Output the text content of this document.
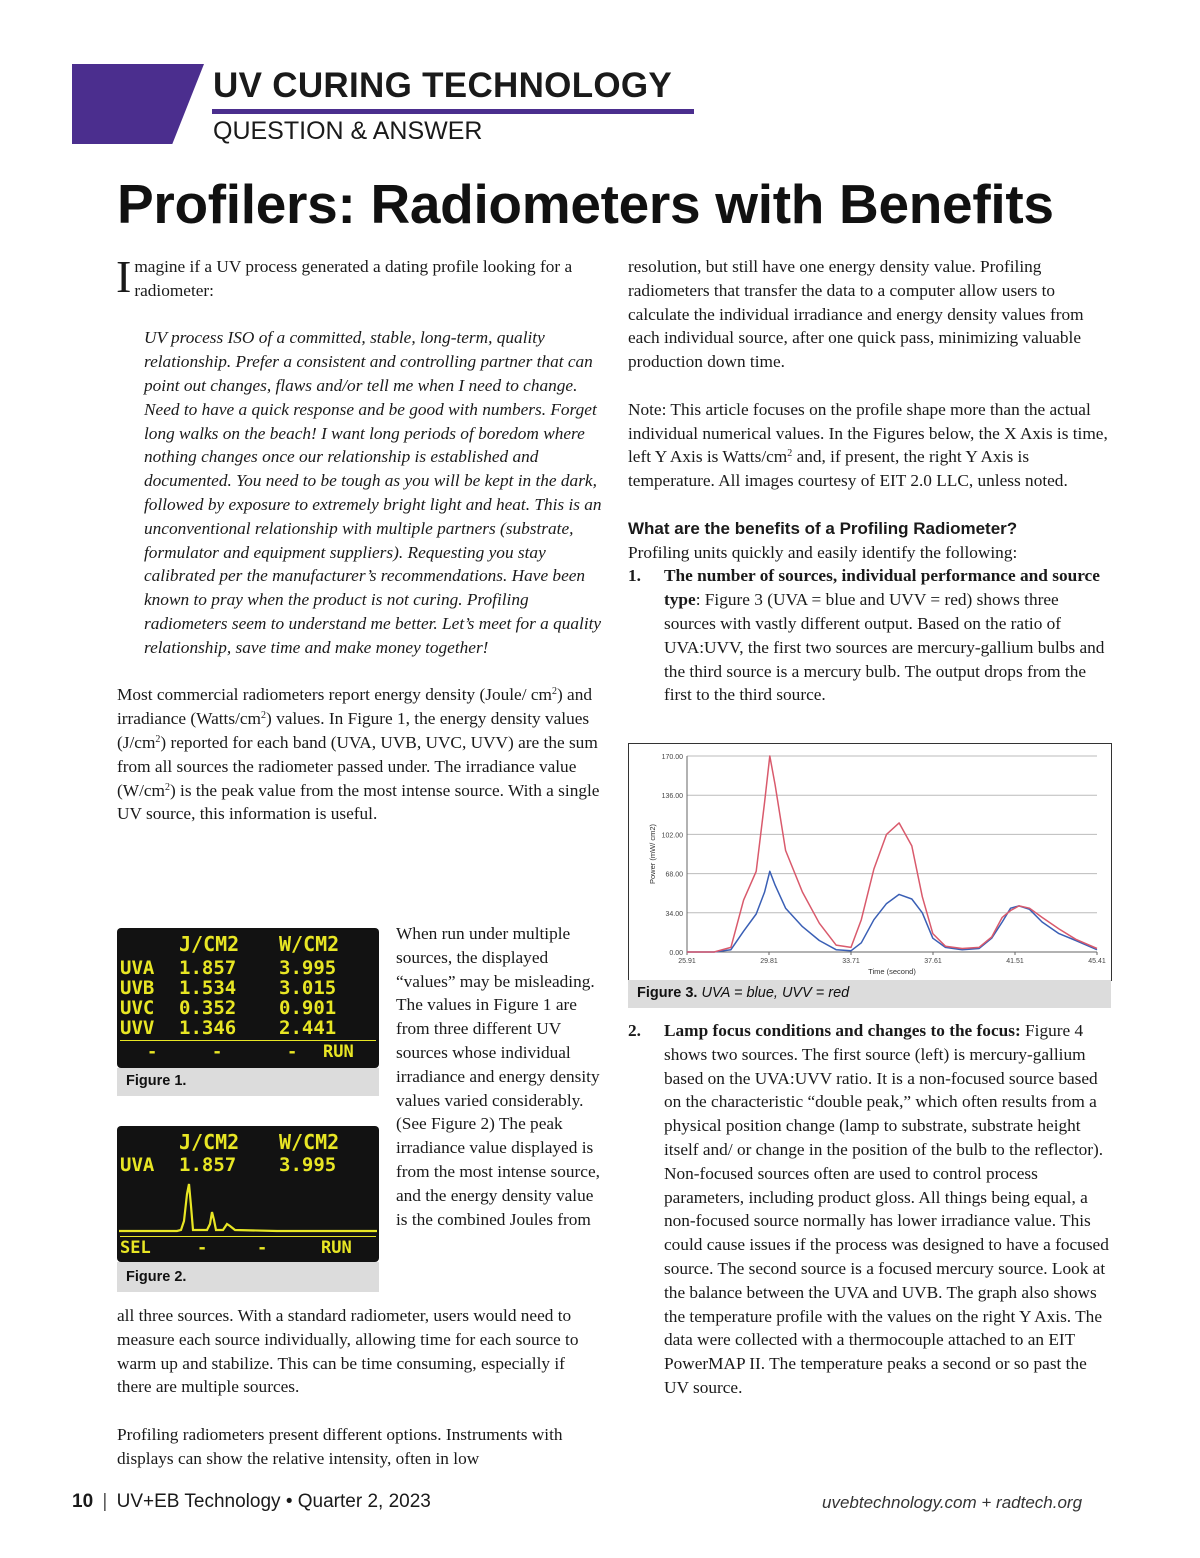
UV CURING TECHNOLOGY
QUESTION & ANSWER
Profilers: Radiometers with Benefits

Imagine if a UV process generated a dating profile looking for a radiometer:

UV process ISO of a committed, stable, long-term, quality relationship. Prefer a consistent and controlling partner that can point out changes, flaws and/or tell me when I need to change. Need to have a quick response and be good with numbers. Forget long walks on the beach! I want long periods of boredom where nothing changes once our relationship is established and documented. You need to be tough as you will be kept in the dark, followed by exposure to extremely bright light and heat. This is an unconventional relationship with multiple partners (substrate, formulator and equipment suppliers). Requesting you stay calibrated per the manufacturer’s recommendations. Have been known to pray when the product is not curing. Profiling radiometers seem to understand me better. Let’s meet for a quality relationship, save time and make money together!

Most commercial radiometers report energy density (Joule/ $cm^2$) and irradiance $(Watts/cm^2)$ values. In Figure 1, the energy density values $(J/cm^2)$ reported for each band (UVA, UVB, UVC, UVV) are the sum from all sources the radiometer passed under. The irradiance value $(W/cm^2)$ is the peak value from the most intense source. With a single UV source, this information is useful.

J/CM2 W/CM2
UVA 1.857 3.995
UVB 1.534 3.015
UVC 0.352 0.901
UVV 1.346 2.441
-	-	- RUN
Figure 1.
J/CM2 W/CM2
UVA 1.857 3.995
SEL	-	-	RUN
Figure 2.
When run under multiple sources, the displayed “values” may be misleading. The values in Figure 1 are from three different UV sources whose individual irradiance and energy density values varied considerably. (See Figure 2) The peak irradiance value displayed is from the most intense source, and the energy density value is the combined Joules from

all three sources. With a standard radiometer, users would need to measure each source individually, allowing time for each source to warm up and stabilize. This can be time consuming, especially if there are multiple sources.

Profiling radiometers present different options. Instruments with displays can show the relative intensity, often in low

resolution, but still have one energy density value. Profiling radiometers that transfer the data to a computer allow users to calculate the individual irradiance and energy density values from each individual source, after one quick pass, minimizing valuable production down time.

Note: This article focuses on the profile shape more than the actual individual numerical values. In the Figures below, the X Axis is time, left Y Axis is Watts/$cm^2$ and, if present, the right Y Axis is temperature. All images courtesy of EIT 2.0 LLC, unless noted.

What are the benefits of a Profiling Radiometer?

Profiling units quickly and easily identify the following:

1. The number of sources, individual performance and source type: Figure 3 (UVA = blue and UVV = red) shows three sources with vastly different output. Based on the ratio of UVA:UVV, the first two sources are mercury-gallium bulbs and the third source is a mercury bulb. The output drops from the first to the third source.
0.00
34.00
68.00
102.00
136.00
170.00
25.91	29.81	33.71	37.61	41.51	45.41
Time (second)
Power (mW/ cm2)
Figure 3. UVA = blue, UVV = red
2. Lamp focus conditions and changes to the focus: Figure 4 shows two sources. The first source (left) is mercury-gallium based on the UVA:UVV ratio. It is a non-focused source based on the characteristic “double peak,” which often results from a physical position change (lamp to substrate, substrate height itself and/ or change in the position of the bulb to the reflector). Non-focused sources often are used to control process parameters, including product gloss. All things being equal, a non-focused source normally has lower irradiance value. This could cause issues if the process was designed to have a focused source. The second source is a focused mercury source. Look at the balance between the UVA and UVB. The graph also shows the temperature profile with the values on the right Y Axis. The data were collected with a thermocouple attached to an EIT PowerMAP II. The temperature peaks a second or so past the UV source.
10 | UV+EB Technology • Quarter 2, 2023	uvebtechnology.com + radtech.org
